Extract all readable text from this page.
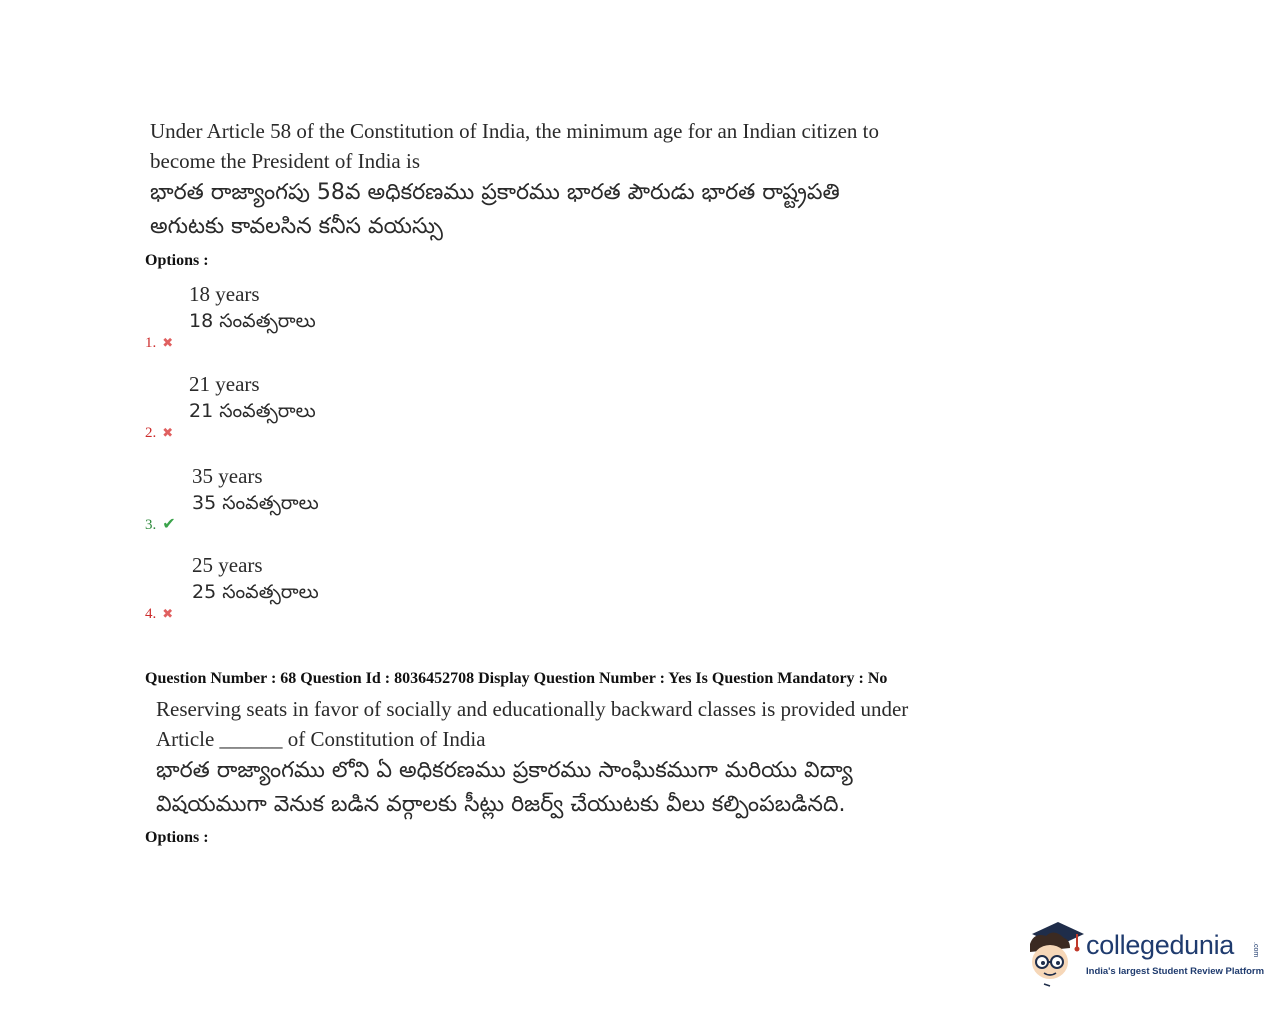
Under Article 58 of the Constitution of India, the minimum age for an Indian citizen to
become the President of India is
భారత రాజ్యాంగపు 58వ అధికరణము ప్రకారము భారత పౌరుడు భారత రాష్ట్రపతి
అగుటకు కావలసిన కనీస వయస్సు
Options :
18 years
18 సంవత్సరాలు
1. ✖
21 years
21 సంవత్సరాలు
2. ✖
35 years
35 సంవత్సరాలు
3. ✔
25 years
25 సంవత్సరాలు
4. ✖
Question Number : 68 Question Id : 8036452708 Display Question Number : Yes Is Question Mandatory : No
Reserving seats in favor of socially and educationally backward classes is provided under
Article ______ of Constitution of India
భారత రాజ్యాంగము లోని ఏ అధికరణము ప్రకారము సాంఘికముగా మరియు విద్యా
విషయముగా వెనుక బడిన వర్గాలకు సీట్లు రిజర్వ్ చేయుటకు వీలు కల్పింపబడినది.
Options :
collegedunia	.com
India's largest Student Review Platform
